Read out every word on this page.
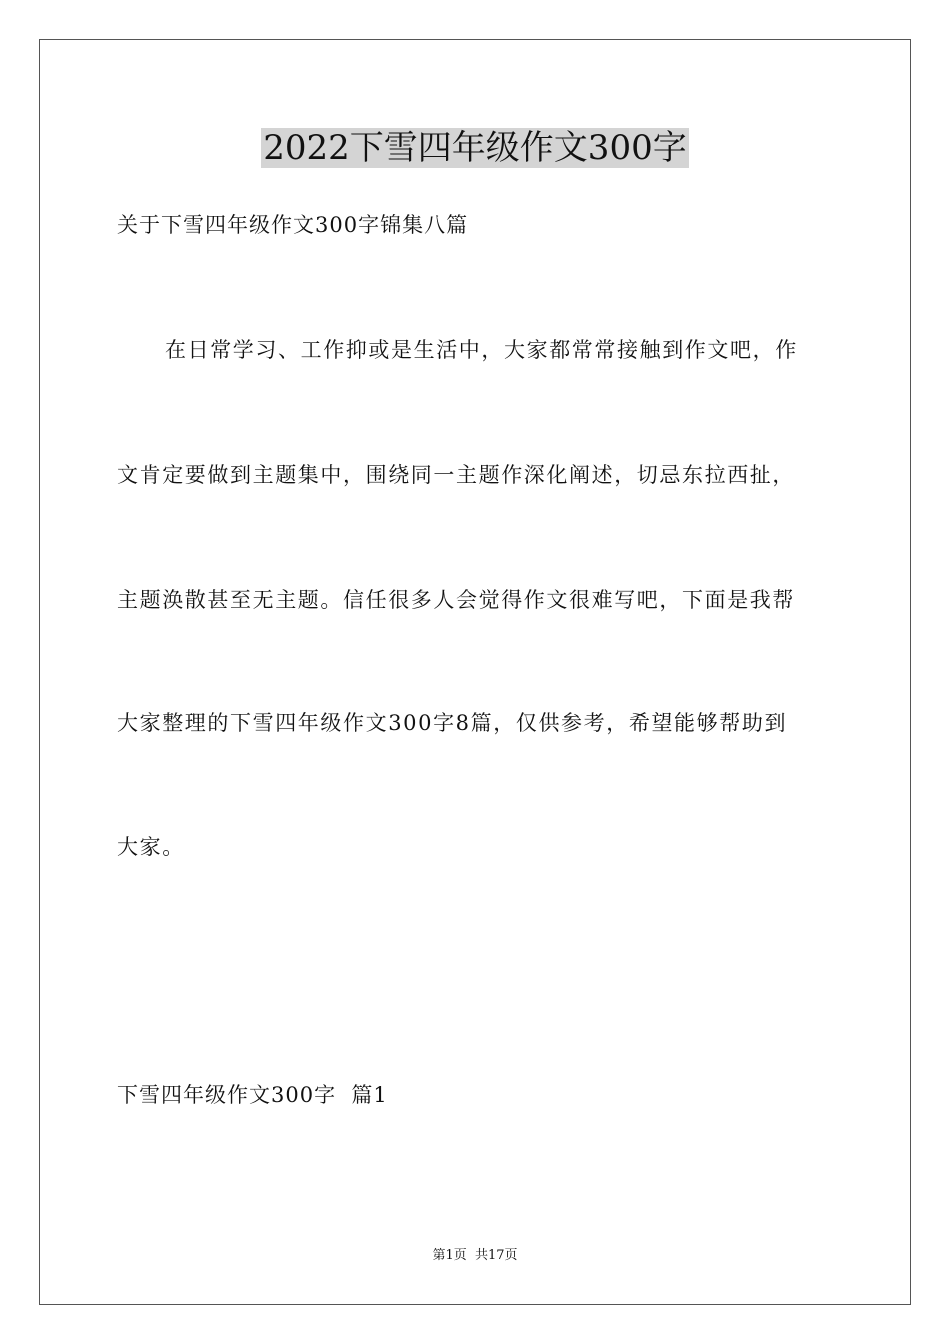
2022下雪四年级作文300字
关于下雪四年级作文300字锦集八篇
在日常学习、工作抑或是生活中，大家都常常接触到作文吧，作
文肯定要做到主题集中，围绕同一主题作深化阐述，切忌东拉西扯，
主题涣散甚至无主题。信任很多人会觉得作文很难写吧，下面是我帮
大家整理的下雪四年级作文300字8篇，仅供参考，希望能够帮助到
大家。
下雪四年级作文300字  篇1
第1页  共17页
